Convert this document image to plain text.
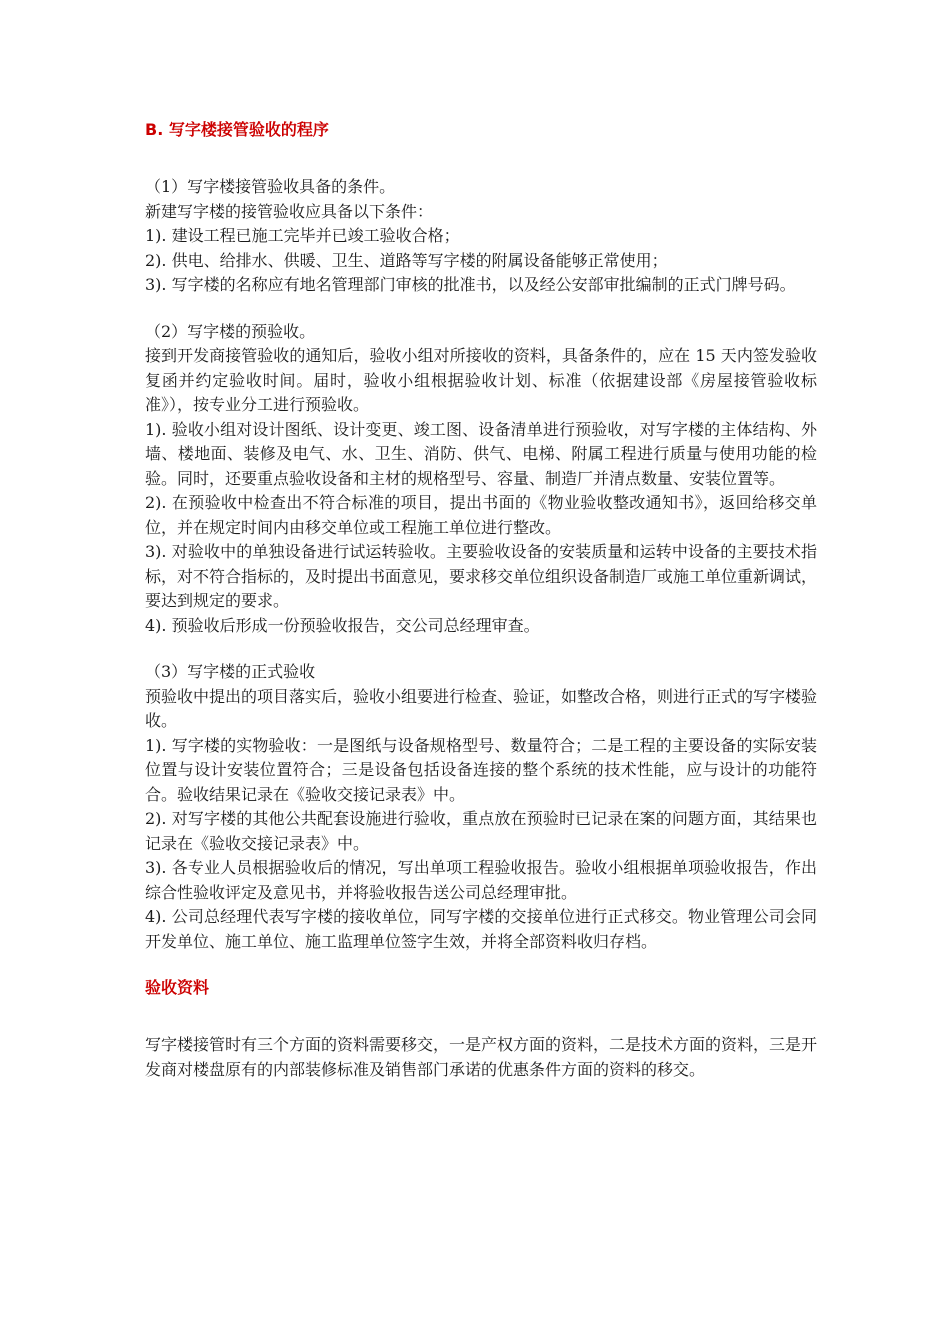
B. 写字楼接管验收的程序

（1）写字楼接管验收具备的条件。

新建写字楼的接管验收应具备以下条件：

1). 建设工程已施工完毕并已竣工验收合格；

2). 供电、给排水、供暖、卫生、道路等写字楼的附属设备能够正常使用；

3). 写字楼的名称应有地名管理部门审核的批准书，以及经公安部审批编制的正式门牌号码。

（2）写字楼的预验收。

接到开发商接管验收的通知后，验收小组对所接收的资料，具备条件的，应在 15 天内签发验收复函并约定验收时间。届时，验收小组根据验收计划、标准（依据建设部《房屋接管验收标准》），按专业分工进行预验收。

1). 验收小组对设计图纸、设计变更、竣工图、设备清单进行预验收，对写字楼的主体结构、外墙、楼地面、装修及电气、水、卫生、消防、供气、电梯、附属工程进行质量与使用功能的检验。同时，还要重点验收设备和主材的规格型号、容量、制造厂并清点数量、安装位置等。

2). 在预验收中检查出不符合标准的项目，提出书面的《物业验收整改通知书》，返回给移交单位，并在规定时间内由移交单位或工程施工单位进行整改。

3). 对验收中的单独设备进行试运转验收。主要验收设备的安装质量和运转中设备的主要技术指标，对不符合指标的，及时提出书面意见，要求移交单位组织设备制造厂或施工单位重新调试，要达到规定的要求。

4). 预验收后形成一份预验收报告，交公司总经理审查。

（3）写字楼的正式验收

预验收中提出的项目落实后，验收小组要进行检查、验证，如整改合格，则进行正式的写字楼验收。

1). 写字楼的实物验收：一是图纸与设备规格型号、数量符合；二是工程的主要设备的实际安装位置与设计安装位置符合；三是设备包括设备连接的整个系统的技术性能，应与设计的功能符合。验收结果记录在《验收交接记录表》中。

2). 对写字楼的其他公共配套设施进行验收，重点放在预验时已记录在案的问题方面，其结果也记录在《验收交接记录表》中。

3). 各专业人员根据验收后的情况，写出单项工程验收报告。验收小组根据单项验收报告，作出综合性验收评定及意见书，并将验收报告送公司总经理审批。

4). 公司总经理代表写字楼的接收单位，同写字楼的交接单位进行正式移交。物业管理公司会同开发单位、施工单位、施工监理单位签字生效，并将全部资料收归存档。

验收资料

写字楼接管时有三个方面的资料需要移交，一是产权方面的资料，二是技术方面的资料，三是开发商对楼盘原有的内部装修标准及销售部门承诺的优惠条件方面的资料的移交。
